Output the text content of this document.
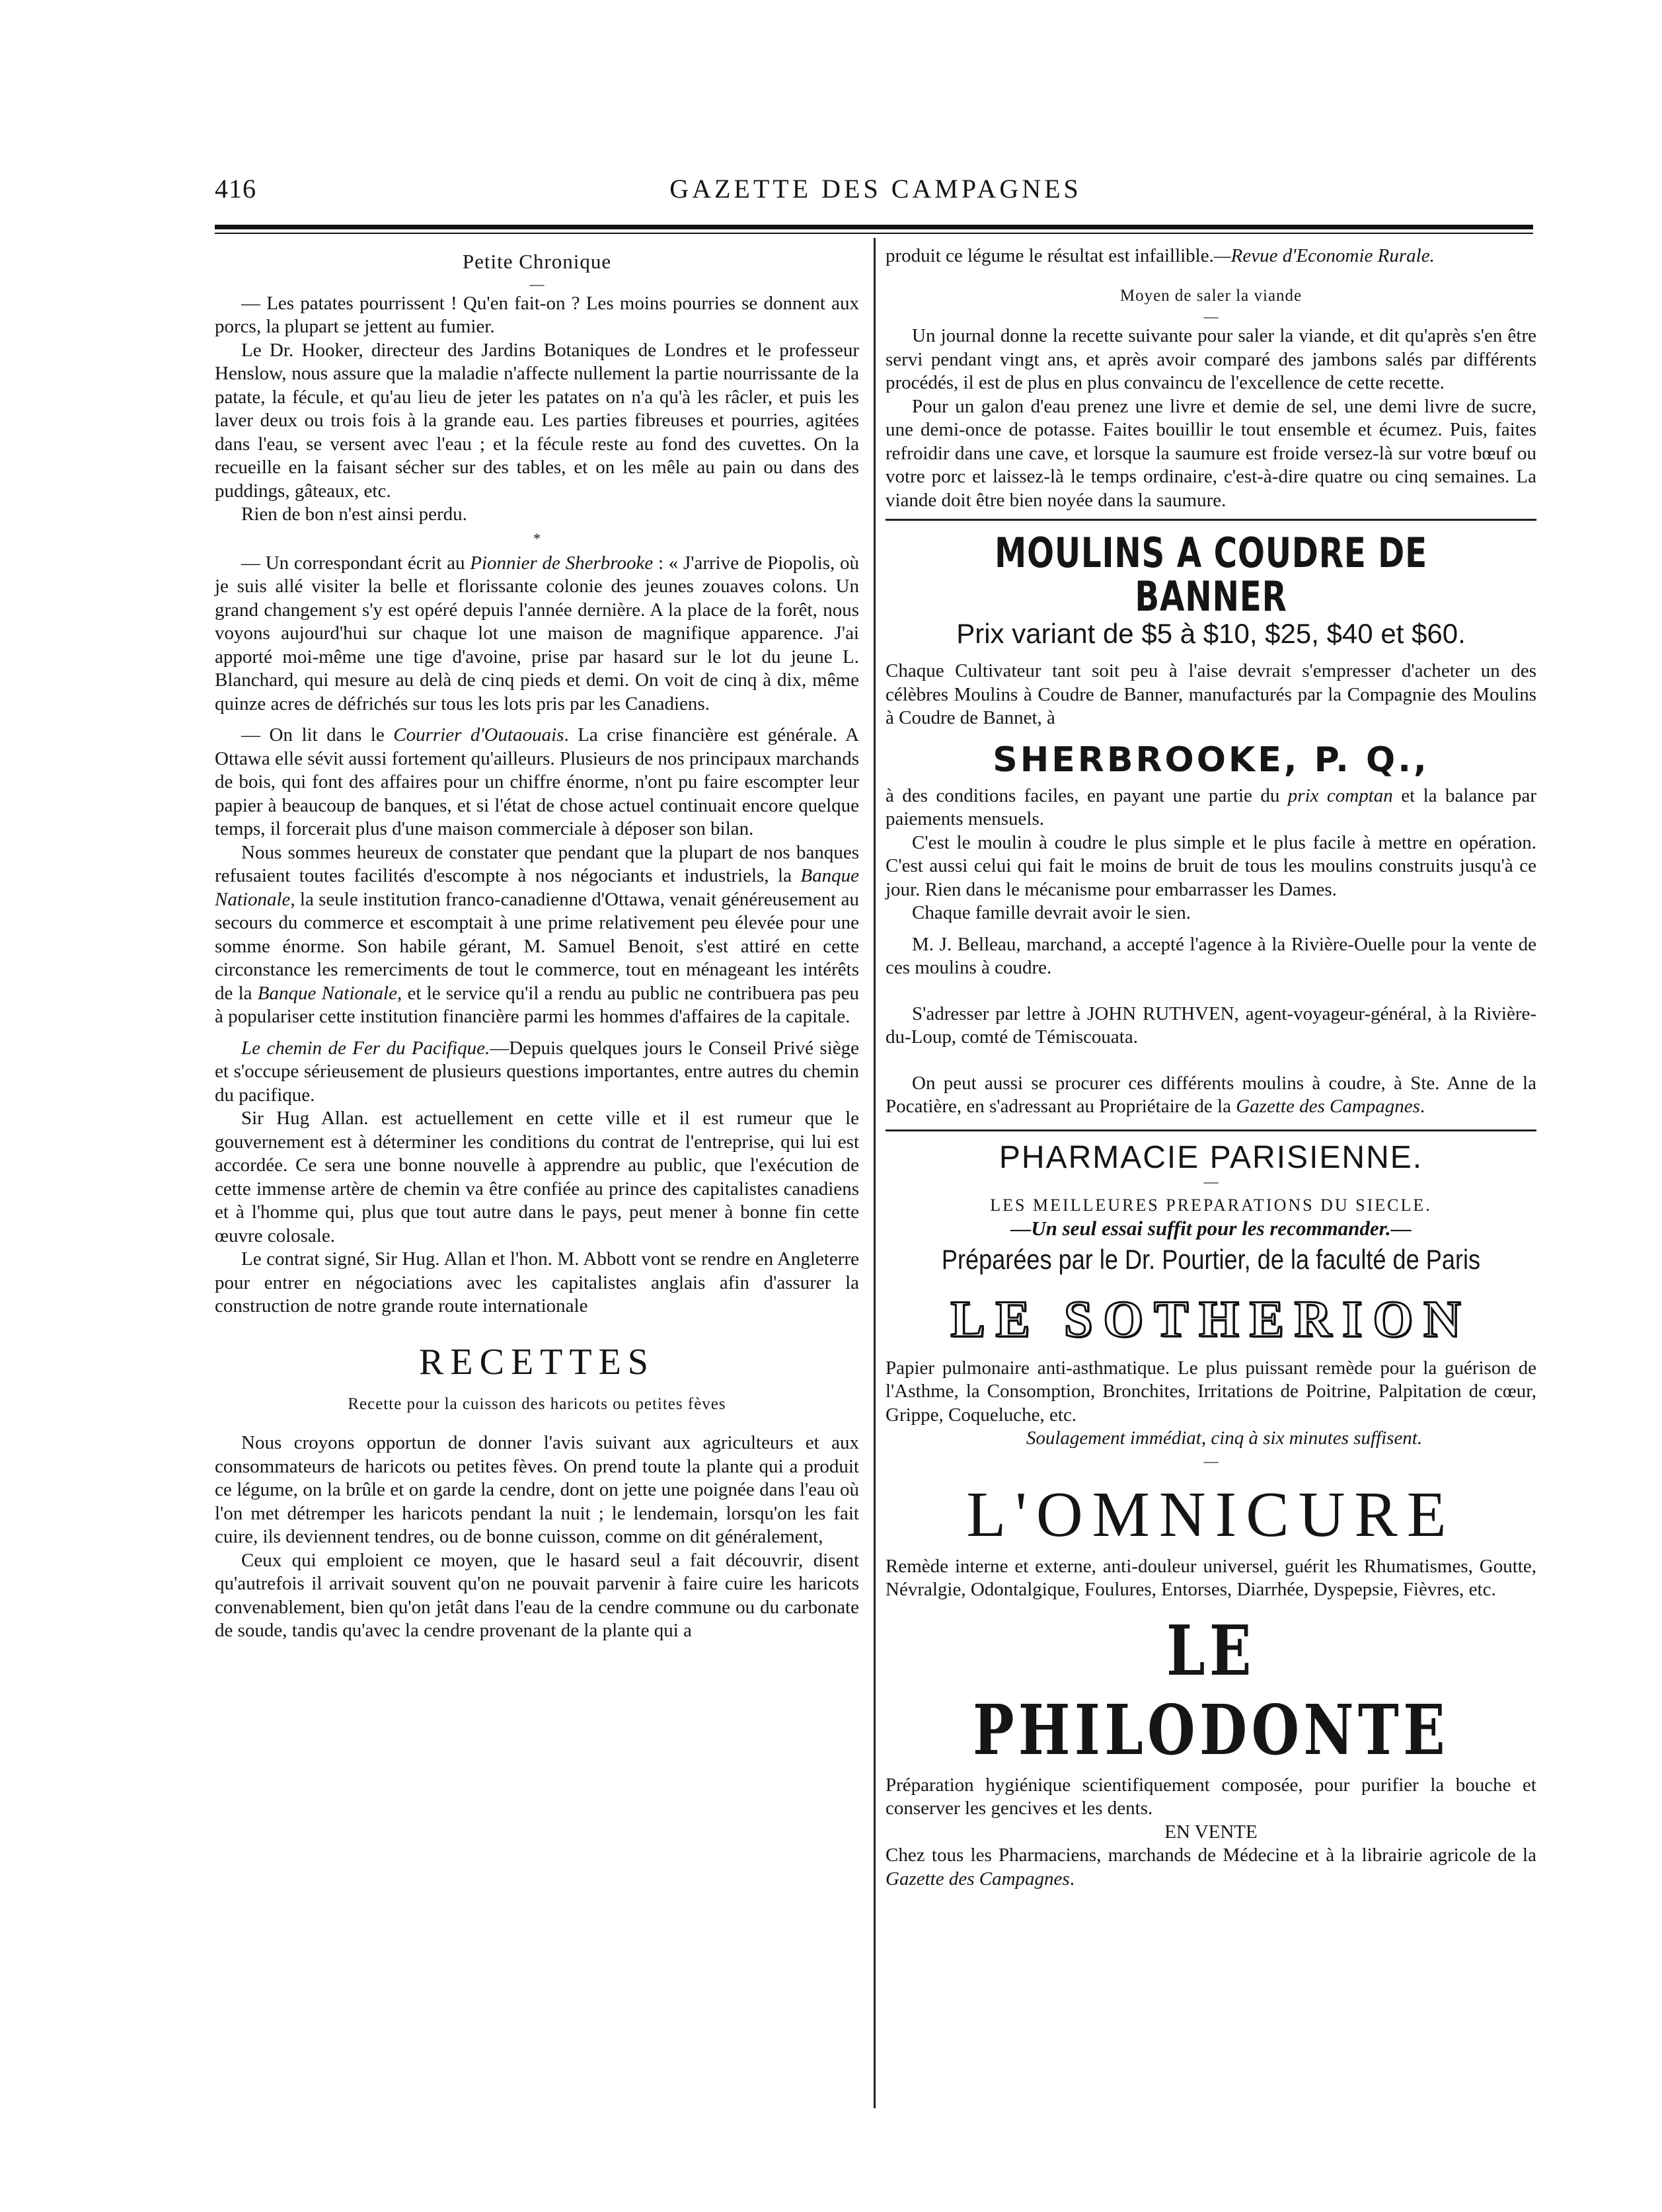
416	GAZETTE DES CAMPAGNES
Petite Chronique
—

— Les patates pourrissent ! Qu'en fait-on ? Les moins pourries se donnent aux porcs, la plupart se jettent au fumier.

Le Dr. Hooker, directeur des Jardins Botaniques de Londres et le professeur Henslow, nous assure que la maladie n'affecte nullement la partie nourrissante de la patate, la fécule, et qu'au lieu de jeter les patates on n'a qu'à les râcler, et puis les laver deux ou trois fois à la grande eau. Les parties fibreuses et pourries, agitées dans l'eau, se versent avec l'eau ; et la fécule reste au fond des cuvettes. On la recueille en la faisant sécher sur des tables, et on les mêle au pain ou dans des puddings, gâteaux, etc.

Rien de bon n'est ainsi perdu.

*

— Un correspondant écrit au Pionnier de Sherbrooke : « J'arrive de Piopolis, où je suis allé visiter la belle et florissante colonie des jeunes zouaves colons. Un grand changement s'y est opéré depuis l'année dernière. A la place de la forêt, nous voyons aujourd'hui sur chaque lot une maison de magnifique apparence. J'ai apporté moi-même une tige d'avoine, prise par hasard sur le lot du jeune L. Blanchard, qui mesure au delà de cinq pieds et demi. On voit de cinq à dix, même quinze acres de défrichés sur tous les lots pris par les Canadiens.

— On lit dans le Courrier d'Outaouais. La crise financière est générale. A Ottawa elle sévit aussi fortement qu'ailleurs. Plusieurs de nos principaux marchands de bois, qui font des affaires pour un chiffre énorme, n'ont pu faire escompter leur papier à beaucoup de banques, et si l'état de chose actuel continuait encore quelque temps, il forcerait plus d'une maison commerciale à déposer son bilan.

Nous sommes heureux de constater que pendant que la plupart de nos banques refusaient toutes facilités d'escompte à nos négociants et industriels, la Banque Nationale, la seule institution franco-canadienne d'Ottawa, venait généreusement au secours du commerce et escomptait à une prime relativement peu élevée pour une somme énorme. Son habile gérant, M. Samuel Benoit, s'est attiré en cette circonstance les remerciments de tout le commerce, tout en ménageant les intérêts de la Banque Nationale, et le service qu'il a rendu au public ne contribuera pas peu à populariser cette institution financière parmi les hommes d'affaires de la capitale.

Le chemin de Fer du Pacifique.—Depuis quelques jours le Conseil Privé siège et s'occupe sérieusement de plusieurs questions importantes, entre autres du chemin du pacifique.

Sir Hug Allan. est actuellement en cette ville et il est rumeur que le gouvernement est à déterminer les conditions du contrat de l'entreprise, qui lui est accordée. Ce sera une bonne nouvelle à apprendre au public, que l'exécution de cette immense artère de chemin va être confiée au prince des capitalistes canadiens et à l'homme qui, plus que tout autre dans le pays, peut mener à bonne fin cette œuvre colosale.

Le contrat signé, Sir Hug. Allan et l'hon. M. Abbott vont se rendre en Angleterre pour entrer en négociations avec les capitalistes anglais afin d'assurer la construction de notre grande route internationale

RECETTES
Recette pour la cuisson des haricots ou petites fèves

Nous croyons opportun de donner l'avis suivant aux agriculteurs et aux consommateurs de haricots ou petites fèves. On prend toute la plante qui a produit ce légume, on la brûle et on garde la cendre, dont on jette une poignée dans l'eau où l'on met détremper les haricots pendant la nuit ; le lendemain, lorsqu'on les fait cuire, ils deviennent tendres, ou de bonne cuisson, comme on dit généralement,

Ceux qui emploient ce moyen, que le hasard seul a fait découvrir, disent qu'autrefois il arrivait souvent qu'on ne pouvait parvenir à faire cuire les haricots convenablement, bien qu'on jetât dans l'eau de la cendre commune ou du carbonate de soude, tandis qu'avec la cendre provenant de la plante qui a

produit ce légume le résultat est infaillible.—Revue d'Economie Rurale.

Moyen de saler la viande
—

Un journal donne la recette suivante pour saler la viande, et dit qu'après s'en être servi pendant vingt ans, et après avoir comparé des jambons salés par différents procédés, il est de plus en plus convaincu de l'excellence de cette recette.

Pour un galon d'eau prenez une livre et demie de sel, une demi livre de sucre, une demi-once de potasse. Faites bouillir le tout ensemble et écumez. Puis, faites refroidir dans une cave, et lorsque la saumure est froide versez-là sur votre bœuf ou votre porc et laissez-là le temps ordinaire, c'est-à-dire quatre ou cinq semaines. La viande doit être bien noyée dans la saumure.

MOULINS A COUDRE DE BANNER
Prix variant de $5 à $10, $25, $40 et $60.

Chaque Cultivateur tant soit peu à l'aise devrait s'empresser d'acheter un des célèbres Moulins à Coudre de Banner, manufacturés par la Compagnie des Moulins à Coudre de Bannet, à

SHERBROOKE, P. Q.,

à des conditions faciles, en payant une partie du prix comptan et la balance par paiements mensuels.

C'est le moulin à coudre le plus simple et le plus facile à mettre en opération. C'est aussi celui qui fait le moins de bruit de tous les moulins construits jusqu'à ce jour. Rien dans le mécanisme pour embarrasser les Dames.

Chaque famille devrait avoir le sien.

M. J. Belleau, marchand, a accepté l'agence à la Rivière-Ouelle pour la vente de ces moulins à coudre.

S'adresser par lettre à JOHN RUTHVEN, agent-voyageur-général, à la Rivière-du-Loup, comté de Témiscouata.

On peut aussi se procurer ces différents moulins à coudre, à Ste. Anne de la Pocatière, en s'adressant au Propriétaire de la Gazette des Campagnes.

PHARMACIE PARISIENNE.
—
LES MEILLEURES PREPARATIONS DU SIECLE.
—Un seul essai suffit pour les recommander.—
Préparées par le Dr. Pourtier, de la faculté de Paris
LE SOTHERION

Papier pulmonaire anti-asthmatique. Le plus puissant remède pour la guérison de l'Asthme, la Consomption, Bronchites, Irritations de Poitrine, Palpitation de cœur, Grippe, Coqueluche, etc.

Soulagement immédiat, cinq à six minutes suffisent.

—
L'OMNICURE

Remède interne et externe, anti-douleur universel, guérit les Rhumatismes, Goutte, Névralgie, Odontalgique, Foulures, Entorses, Diarrhée, Dyspepsie, Fièvres, etc.

LE PHILODONTE

Préparation hygiénique scientifiquement composée, pour purifier la bouche et conserver les gencives et les dents.

EN VENTE

Chez tous les Pharmaciens, marchands de Médecine et à la librairie agricole de la Gazette des Campagnes.
